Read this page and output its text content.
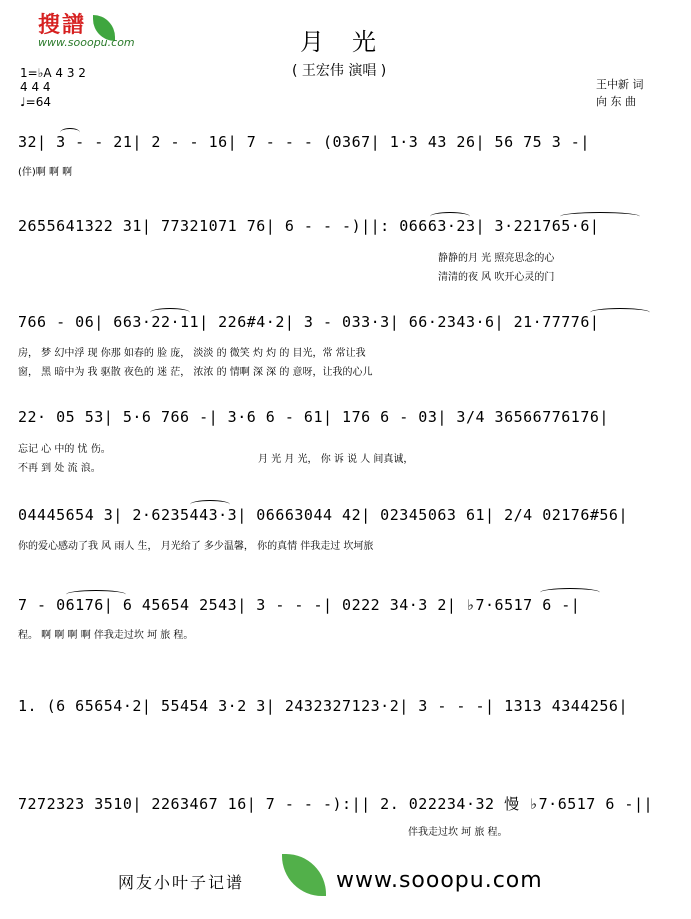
搜譜
www.sooopu.com	月光
( 王宏伟 演唱 )
王中新 词
向 东 曲
1=♭A 4 3 2
4 4 4
♩=64
32| 3 - - 21| 2 - - 16| 7 - - - (0367| 1·3 43 26| 56 75 3 -|
(伴)啊 啊 啊
2655641322 31| 77321071 76| 6 - - -)||: 06663·23| 3·221765·6|
静静的月 光 照亮思念的心
清清的夜 风 吹开心灵的门
766 - 06| 663·22·11| 226#4·2| 3 - 033·3| 66·2343·6| 21·77776|
房， 梦 幻中浮 现 你那 如春的 脸 庞， 淡淡 的 微笑 灼 灼 的 目光，常 常让我
窗， 黑 暗中为 我 驱散 夜色的 迷 茫， 浓浓 的 情啊 深 深 的 意呀，让我的心儿
22· 05 53| 5·6 766 -| 3·6 6 - 61| 176 6 - 03| 3/4 36566776176|
忘记 心 中的 忧 伤。
不再 到 处 流 浪。
月 光 月 光， 你 诉 说 人 间真诚，
04445654 3| 2·6235443·3| 06663044 42| 02345063 61| 2/4 02176#56|
你的爱心感动了我 风 雨人 生， 月光给了 多少温馨， 你的真情 伴我走过 坎坷旅
7 - 06176| 6 45654 2543| 3 - - -| 0222 34·3 2| ♭7·6517 6 -|
程。 啊 啊 啊 啊 伴我走过坎 坷 旅 程。
1. (6 65654·2| 55454 3·2 3| 2432327123·2| 3 - - -| 1313 4344256|
7272323 3510| 2263467 16| 7 - - -):|| 2. 022234·32 慢 ♭7·6517 6 -||
伴我走过坎 坷 旅 程。
网友小叶子记谱	www.sooopu.com
